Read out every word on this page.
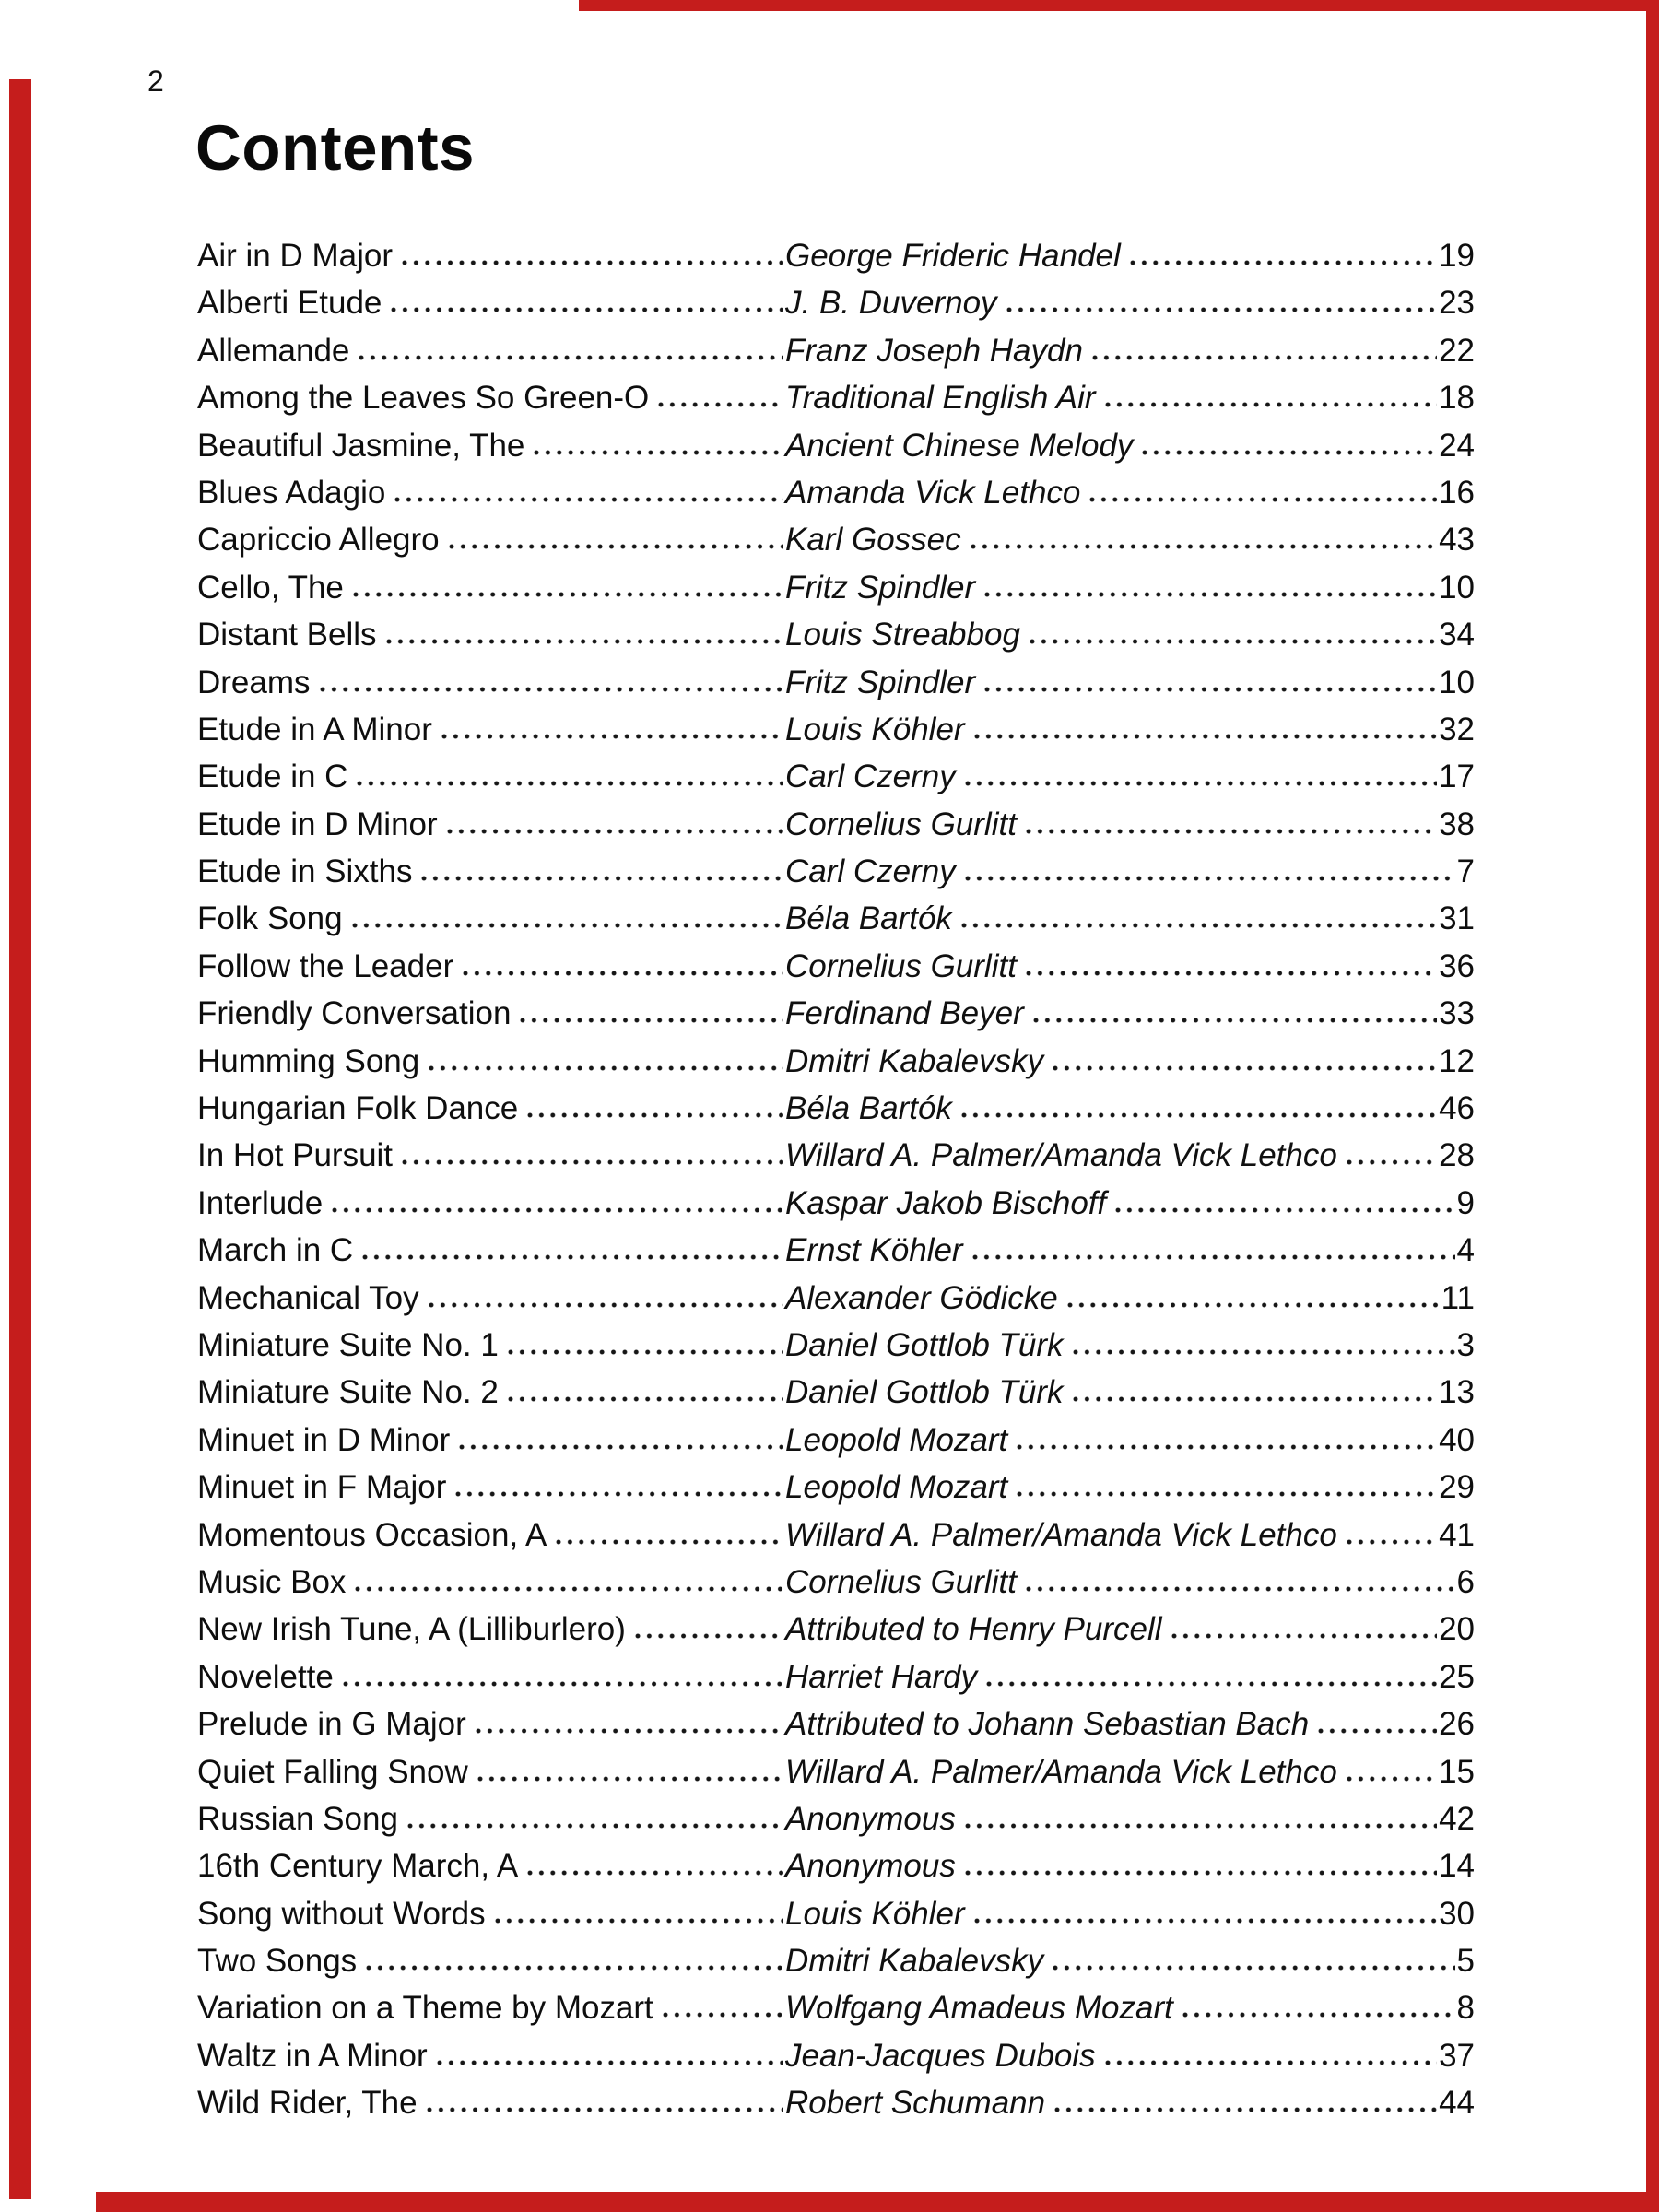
2
Contents
Air in D Major	George Frideric Handel	19
Alberti Etude	J. B. Duvernoy	23
Allemande	Franz Joseph Haydn	22
Among the Leaves So Green-O	Traditional English Air	18
Beautiful Jasmine, The	Ancient Chinese Melody	24
Blues Adagio	Amanda Vick Lethco	16
Capriccio Allegro	Karl Gossec	43
Cello, The	Fritz Spindler	10
Distant Bells	Louis Streabbog	34
Dreams	Fritz Spindler	10
Etude in A Minor	Louis Köhler	32
Etude in C	Carl Czerny	17
Etude in D Minor	Cornelius Gurlitt	38
Etude in Sixths	Carl Czerny	7
Folk Song	Béla Bartók	31
Follow the Leader	Cornelius Gurlitt	36
Friendly Conversation	Ferdinand Beyer	33
Humming Song	Dmitri Kabalevsky	12
Hungarian Folk Dance	Béla Bartók	46
In Hot Pursuit	Willard A. Palmer/Amanda Vick Lethco	28
Interlude	Kaspar Jakob Bischoff	9
March in C	Ernst Köhler	4
Mechanical Toy	Alexander Gödicke	11
Miniature Suite No. 1	Daniel Gottlob Türk	3
Miniature Suite No. 2	Daniel Gottlob Türk	13
Minuet in D Minor	Leopold Mozart	40
Minuet in F Major	Leopold Mozart	29
Momentous Occasion, A	Willard A. Palmer/Amanda Vick Lethco	41
Music Box	Cornelius Gurlitt	6
New Irish Tune, A (Lilliburlero)	Attributed to Henry Purcell	20
Novelette	Harriet Hardy	25
Prelude in G Major	Attributed to Johann Sebastian Bach	26
Quiet Falling Snow	Willard A. Palmer/Amanda Vick Lethco	15
Russian Song	Anonymous	42
16th Century March, A	Anonymous	14
Song without Words	Louis Köhler	30
Two Songs	Dmitri Kabalevsky	5
Variation on a Theme by Mozart	Wolfgang Amadeus Mozart	8
Waltz in A Minor	Jean-Jacques Dubois	37
Wild Rider, The	Robert Schumann	44
